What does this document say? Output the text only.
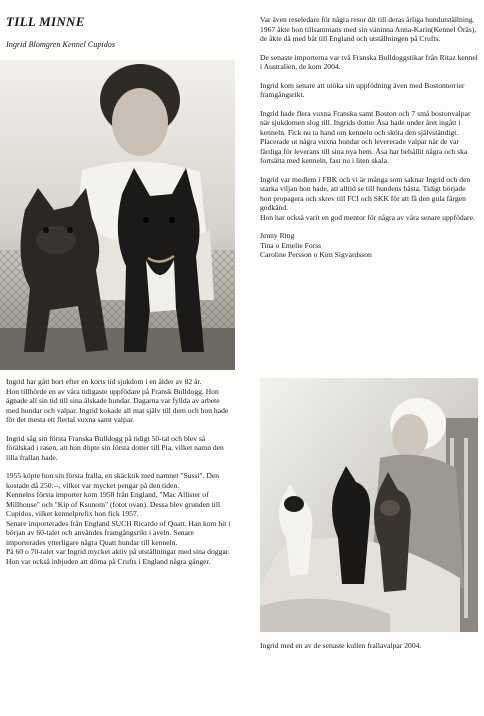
TILL MINNE
Ingrid Blomgren Kennel Cupidos

Ingrid har gått bort efter en korts tid sjukdom i en ålder av 82 år.
Hon tillhörde en av våra tidigaste uppfödare på Fransk Bulldogg. Hon ägnade all sin tid till sina älskade hundar. Dagarna var fyllda av arbete med hundar och valpar. Ingrid kokade all mat själv till dem och hon hade för det mesta ett flertal vuxna samt valpar.

Ingrid såg sin första Franska Bulldogg på tidigt 50-tal och blev så förälskad i rasen, att hon döpte sin första dotter till Pia, vilket namn den lilla frallan hade.

1955 köpte hon sin första fralla, en skäcktik med namnet "Sussi". Den kostade då 250:--, vilket var mycket pengar på den tiden.
Kennelns första importer kom 1958 från England, "Mac Allister of Millhouse" och "Kip of Ksunom" (fotot ovan). Dessa blev grunden till Cupidos, vilket kennelprefix hon fick 1957.
Senare importerades från England SUCH Ricardo of Quatt. Han kom hit i början av 60-talet och användes framgångsrikt i aveln. Senare importerades ytterligare några Quatt hundar till kenneln.
På 60 o 70-talet var Ingrid mycket aktiv på utställningar med sina doggar. Hon var också inbjuden att döma på Crufts i England några gånger.

Var även reseledare för några resor dit till deras årliga hundutställning. 1967 åkte hon tillsammans med sin väninna Anna-Karin(Kennel Öräs), de åkte då med båt till England och utställningen på Crufts.

De senaste importerna var två Franska Bulldoggstikar från Ritaz kennel i Australien, de kom 2004.

Ingrid kom senare att utöka sin uppfödning även med Bostonterrier framgångsrikt.

Ingrid hade flera vuxna Franska samt Boston och 7 små bostonvalpar när sjukdomen slog till. Ingrids dotter Åsa hade under året ingått i kenneln. Fick nu ta hand om kenneln och sköta den självständigt. Placerade ut några vuxna hundar och levererade valpar när de var färdiga för leverans till sina nya hem. Åsa har behållit några och ska fortsätta med kenneln, fast nu i liten skala.

Ingrid var medlem i FBK och vi är många som saknar Ingrid och den starka viljan hon hade, att alltid se till hundens bästa. Tidigt började hon propagera och skrev till FCI och SKK för att få den gula färgen godkänd.
Hon har också varit en god mentor för några av våra senare uppfödare.

Jenny Ring
Tina o Emelie Forss
Caroline Persson o Kim Sigvardsson
Ingrid med en av de senaste kullen frallavalpar 2004.
